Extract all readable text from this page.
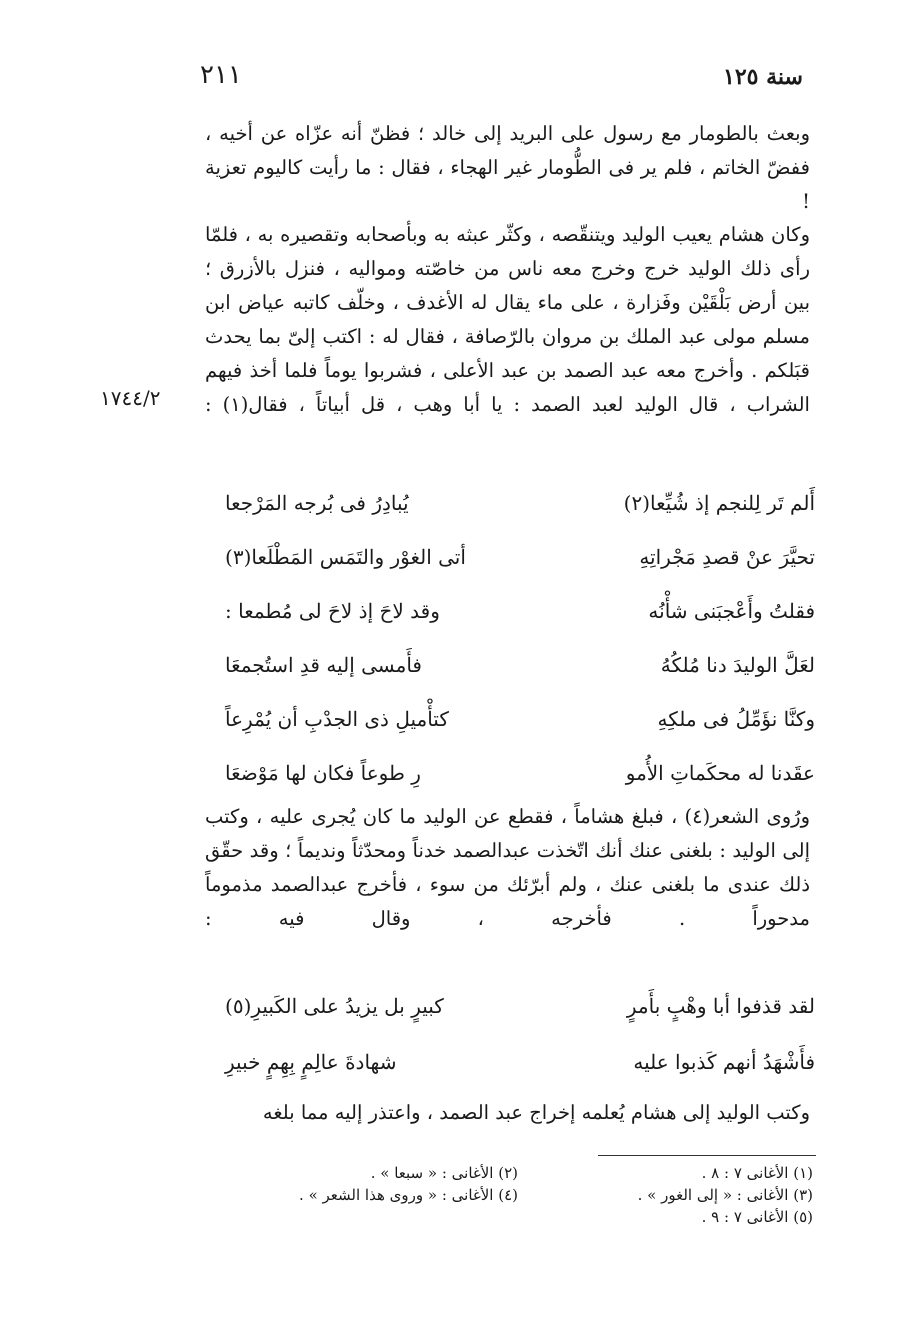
٢١١	سنة ١٢٥

وبعث بالطومار مع رسول على البريد إلى خالد ؛ فظنّ أنه عزّاه عن أخيه ، ففضّ الخاتم ، فلم ير فى الطُّومار غير الهجاء ، فقال : ما رأيت كاليوم تعزية !

وكان هشام يعيب الوليد ويتنقّصه ، وكثّر عبثه به وبأصحابه وتقصيره به ، فلمّا رأى ذلك الوليد خرج وخرج معه ناس من خاصّته ومواليه ، فنزل بالأزرق ؛ بين أرض بَلْقَيْن وفَزارة ، على ماء يقال له الأغدف ، وخلّف كاتبه عياض ابن مسلم مولى عبد الملك بن مروان بالرّصافة ، فقال له : اكتب إلىّ بما يحدث قبَلكم . وأخرج معه عبد الصمد بن عبد الأعلى ، فشربوا يوماً فلما أخذ فيهم الشراب ، قال الوليد لعبد الصمد : يا أبا وهب ، قل أبياتاً ، فقال(١) :

١٧٤٤/٢
أَلم تَر لِلنجم إذ شُيِّعا(٢)
يُبادِرُ فى بُرجه المَرْجعا
تحيَّرَ عنْ قصدِ مَجْراتِهِ
أتى الغوْر والتَمَس المَطْلَعا(٣)
فقلتُ وأَعْجبَنى شأْنُه
وقد لاحَ إذ لاحَ لى مُطمعا :
لعَلَّ الوليدَ دنا مُلكُهُ
فأَمسى إليه قدِ استُجمعَا
وكنَّا نؤَمِّلُ فى ملكِهِ
كتأْميلِ ذى الجدْبِ أن يُمْرِعاً
عقَدنا له محكَماتِ الأُمو
رِ طوعاً فكان لها مَوْضعَا

ورُوى الشعر(٤) ، فبلغ هشاماً ، فقطع عن الوليد ما كان يُجرى عليه ، وكتب إلى الوليد : بلغنى عنك أنك اتّخذت عبدالصمد خدناً ومحدّثاً ونديماً ؛ وقد حقّق ذلك عندى ما بلغنى عنك ، ولم أبرّئك من سوء ، فأخرج عبدالصمد مذموماً مدحوراً . فأخرجه ، وقال فيه :

لقد قذفوا أبا وهْبٍ بأَمرٍ
كبيرٍ بل يزيدُ على الكَبيرِ(٥)
فأَشْهَدُ أنهم كَذبوا عليه
شهادةَ عالِمٍ بِهِمٍ خبيرِ

وكتب الوليد إلى هشام يُعلمه إخراج عبد الصمد ، واعتذر إليه مما بلغه

(١) الأغانى ٧ : ٨ .
(٣) الأغانى : « إلى الغور » .
(٥) الأغانى ٧ : ٩ .
(٢) الأغانى : « سبعا » .
(٤) الأغانى : « وروى هذا الشعر » .
